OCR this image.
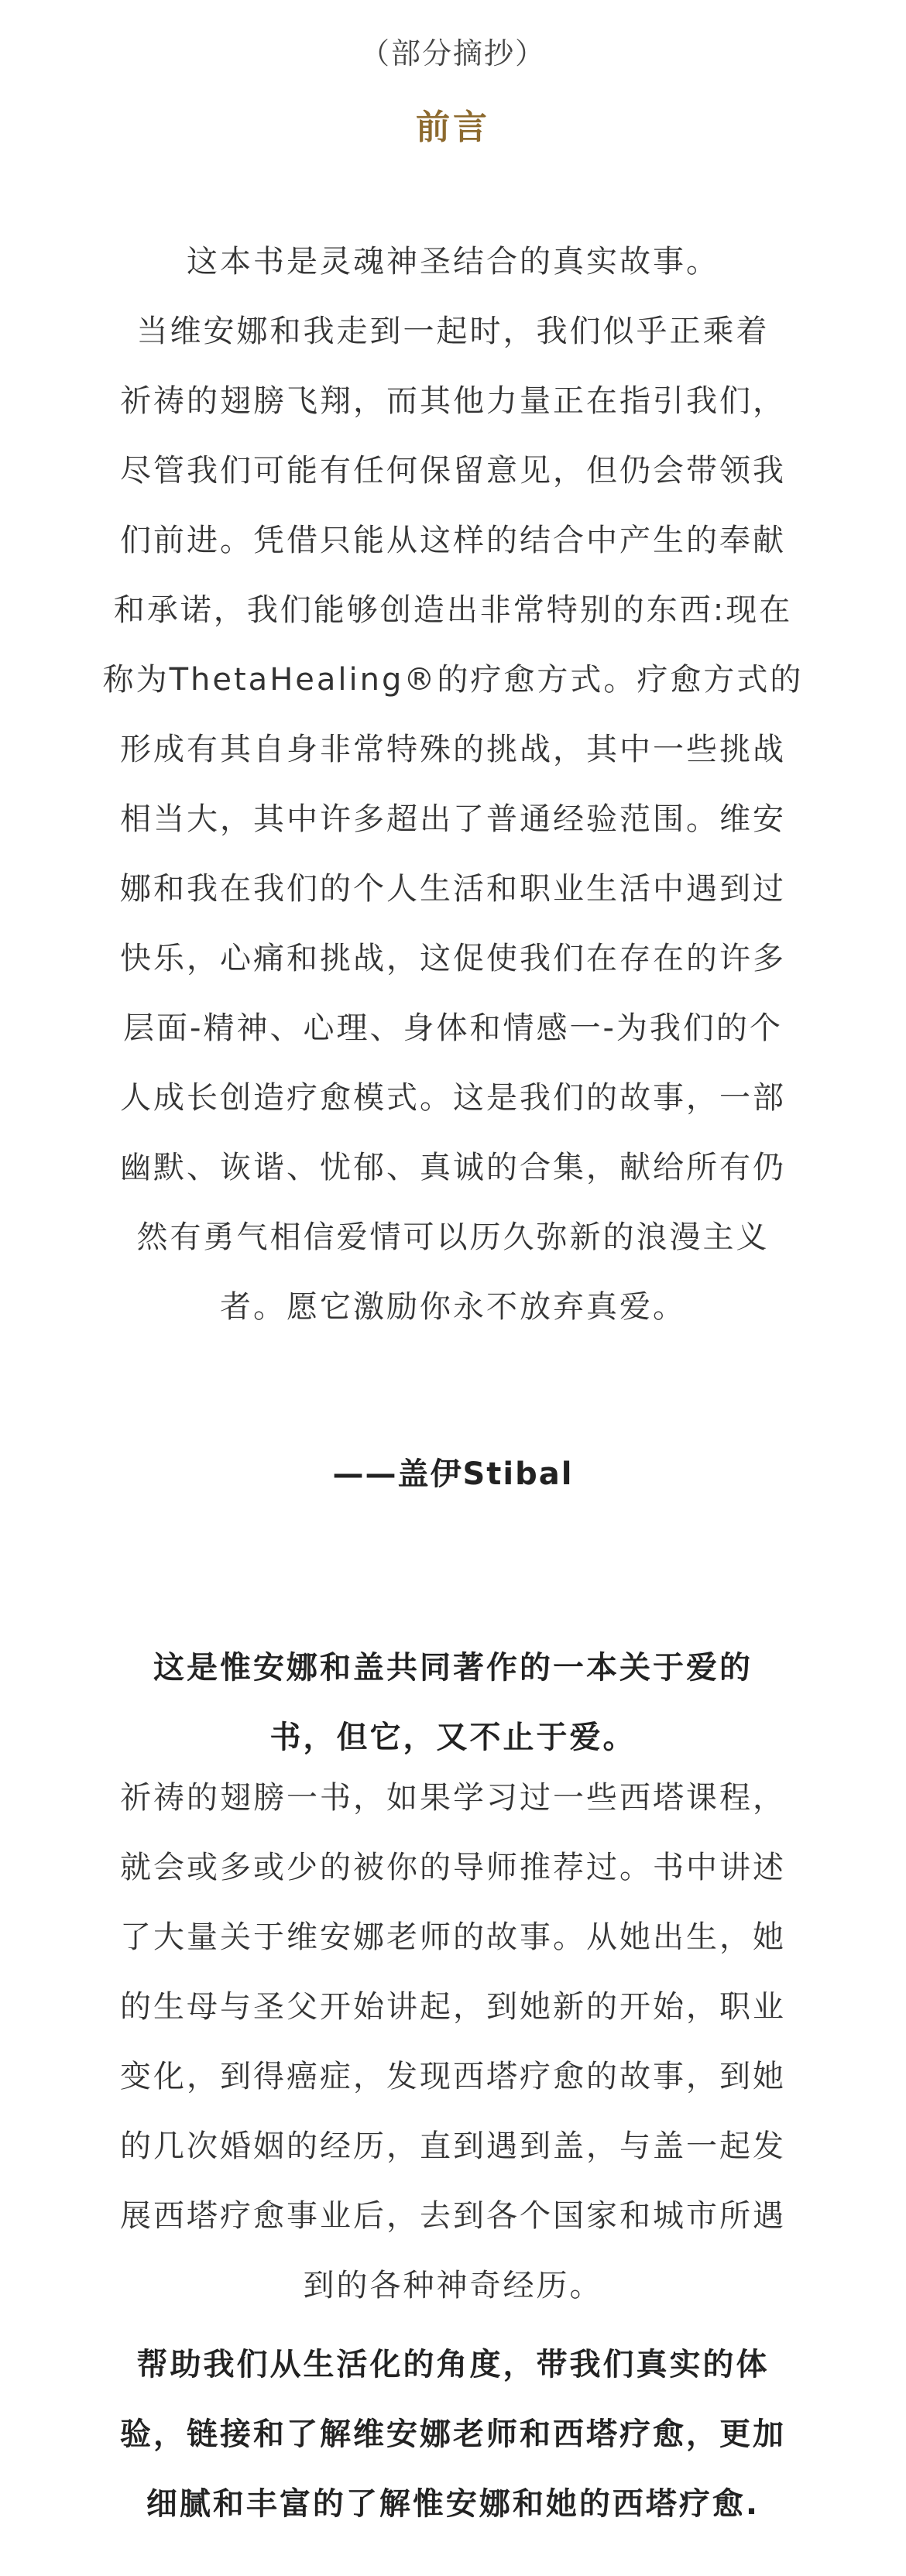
（部分摘抄）
前言
这本书是灵魂神圣结合的真实故事。
当维安娜和我走到一起时，我们似乎正乘着
祈祷的翅膀飞翔，而其他力量正在指引我们，
尽管我们可能有任何保留意见，但仍会带领我
们前进。凭借只能从这样的结合中产生的奉献
和承诺，我们能够创造出非常特别的东西:现在
称为ThetaHealing®的疗愈方式。疗愈方式的
形成有其自身非常特殊的挑战，其中一些挑战
相当大，其中许多超出了普通经验范围。维安
娜和我在我们的个人生活和职业生活中遇到过
快乐，心痛和挑战，这促使我们在存在的许多
层面-精神、心理、身体和情感一-为我们的个
人成长创造疗愈模式。这是我们的故事，一部
幽默、诙谐、忧郁、真诚的合集，献给所有仍
然有勇气相信爱情可以历久弥新的浪漫主义
者。愿它激励你永不放弃真爱。
——盖伊Stibal
这是惟安娜和盖共同著作的一本关于爱的
书，但它，又不止于爱。
祈祷的翅膀一书，如果学习过一些西塔课程，
就会或多或少的被你的导师推荐过。书中讲述
了大量关于维安娜老师的故事。从她出生，她
的生母与圣父开始讲起，到她新的开始，职业
变化，到得癌症，发现西塔疗愈的故事，到她
的几次婚姻的经历，直到遇到盖，与盖一起发
展西塔疗愈事业后，去到各个国家和城市所遇
到的各种神奇经历。
帮助我们从生活化的角度，带我们真实的体
验，链接和了解维安娜老师和西塔疗愈，更加
细腻和丰富的了解惟安娜和她的西塔疗愈.
